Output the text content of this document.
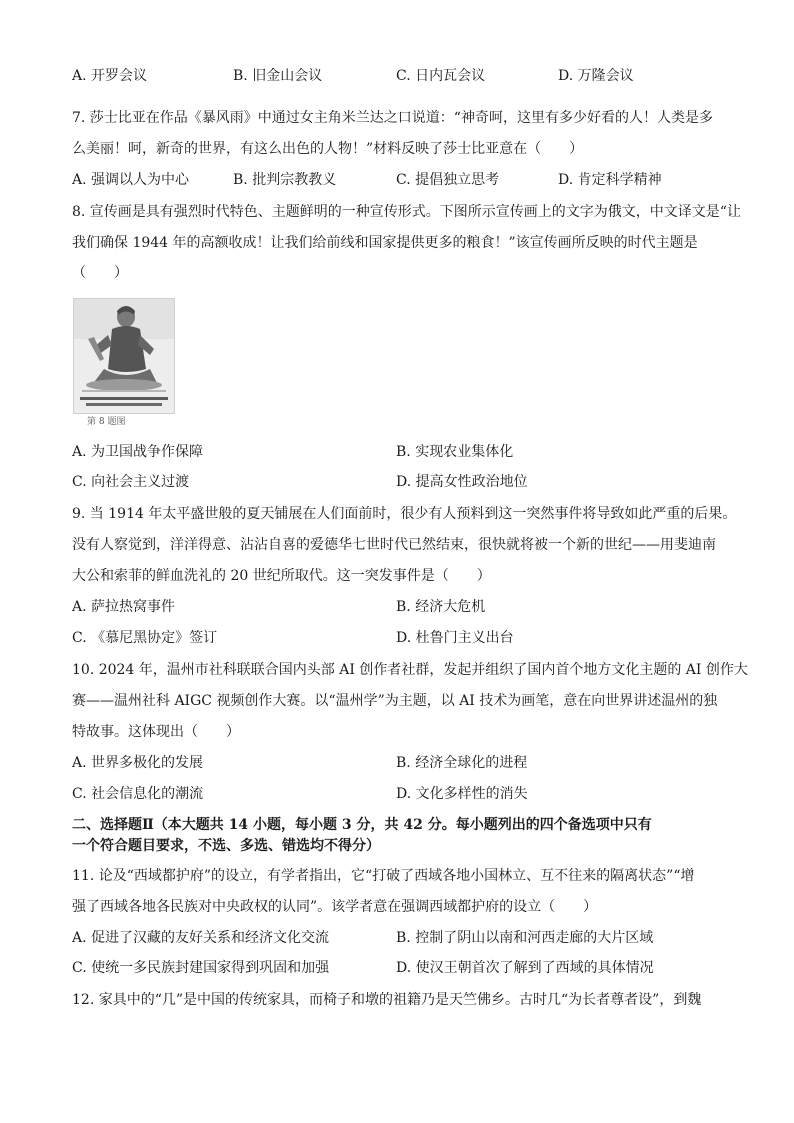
A. 开罗会议	B. 旧金山会议	C. 日内瓦会议	D. 万隆会议
7. 莎士比亚在作品《暴风雨》中通过女主角米兰达之口说道：“神奇呵，这里有多少好看的人！人类是多
么美丽！呵，新奇的世界，有这么出色的人物！”材料反映了莎士比亚意在（　　）
A. 强调以人为中心	B. 批判宗教教义	C. 提倡独立思考	D. 肯定科学精神
8. 宣传画是具有强烈时代特色、主题鲜明的一种宣传形式。下图所示宣传画上的文字为俄文，中文译文是“让
我们确保 1944 年的高额收成！让我们给前线和国家提供更多的粮食！”该宣传画所反映的时代主题是
（　　）
第 8 题图
A. 为卫国战争作保障	B. 实现农业集体化
C. 向社会主义过渡	D. 提高女性政治地位
9. 当 1914 年太平盛世般的夏天铺展在人们面前时，很少有人预料到这一突然事件将导致如此严重的后果。
没有人察觉到，洋洋得意、沾沾自喜的爱德华七世时代已然结束，很快就将被一个新的世纪——用斐迪南
大公和索菲的鲜血洗礼的 20 世纪所取代。这一突发事件是（　　）
A. 萨拉热窝事件	B. 经济大危机
C. 《慕尼黑协定》签订	D. 杜鲁门主义出台
10. 2024 年，温州市社科联联合国内头部 AI 创作者社群，发起并组织了国内首个地方文化主题的 AI 创作大
赛——温州社科 AIGC 视频创作大赛。以“温州学”为主题，以 AI 技术为画笔，意在向世界讲述温州的独
特故事。这体现出（　　）
A. 世界多极化的发展	B. 经济全球化的进程
C. 社会信息化的潮流	D. 文化多样性的消失
二、选择题Ⅱ（本大题共 14 小题，每小题 3 分，共 42 分。每小题列出的四个备选项中只有
一个符合题目要求，不选、多选、错选均不得分）
11. 论及“西域都护府”的设立，有学者指出，它“打破了西域各地小国林立、互不往来的隔离状态”“增
强了西域各地各民族对中央政权的认同”。该学者意在强调西域都护府的设立（　　）
A. 促进了汉藏的友好关系和经济文化交流	B. 控制了阴山以南和河西走廊的大片区域
C. 使统一多民族封建国家得到巩固和加强	D. 使汉王朝首次了解到了西域的具体情况
12. 家具中的“几”是中国的传统家具，而椅子和墩的祖籍乃是天竺佛乡。古时几“为长者尊者设”，到魏
